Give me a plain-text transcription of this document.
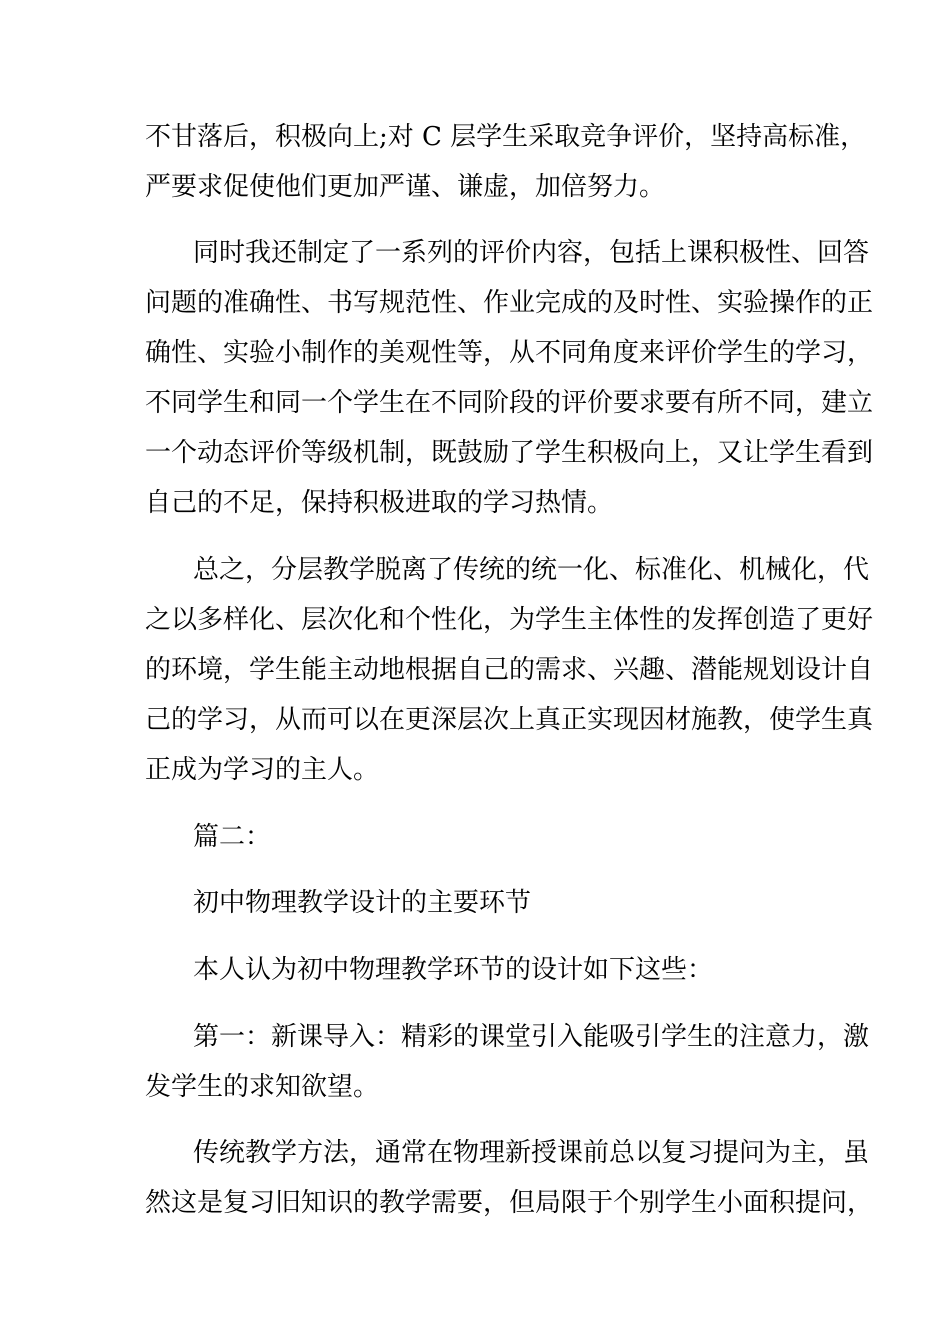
不甘落后，积极向上;对 C 层学生采取竞争评价，坚持高标准，
严要求促使他们更加严谨、谦虚，加倍努力。
同时我还制定了一系列的评价内容，包括上课积极性、回答
问题的准确性、书写规范性、作业完成的及时性、实验操作的正
确性、实验小制作的美观性等，从不同角度来评价学生的学习，
不同学生和同一个学生在不同阶段的评价要求要有所不同，建立
一个动态评价等级机制，既鼓励了学生积极向上，又让学生看到
自己的不足，保持积极进取的学习热情。
总之，分层教学脱离了传统的统一化、标准化、机械化，代
之以多样化、层次化和个性化，为学生主体性的发挥创造了更好
的环境，学生能主动地根据自己的需求、兴趣、潜能规划设计自
己的学习，从而可以在更深层次上真正实现因材施教，使学生真
正成为学习的主人。
篇二：
初中物理教学设计的主要环节
本人认为初中物理教学环节的设计如下这些：
第一：新课导入：精彩的课堂引入能吸引学生的注意力，激
发学生的求知欲望。
传统教学方法，通常在物理新授课前总以复习提问为主，虽
然这是复习旧知识的教学需要，但局限于个别学生小面积提问，
